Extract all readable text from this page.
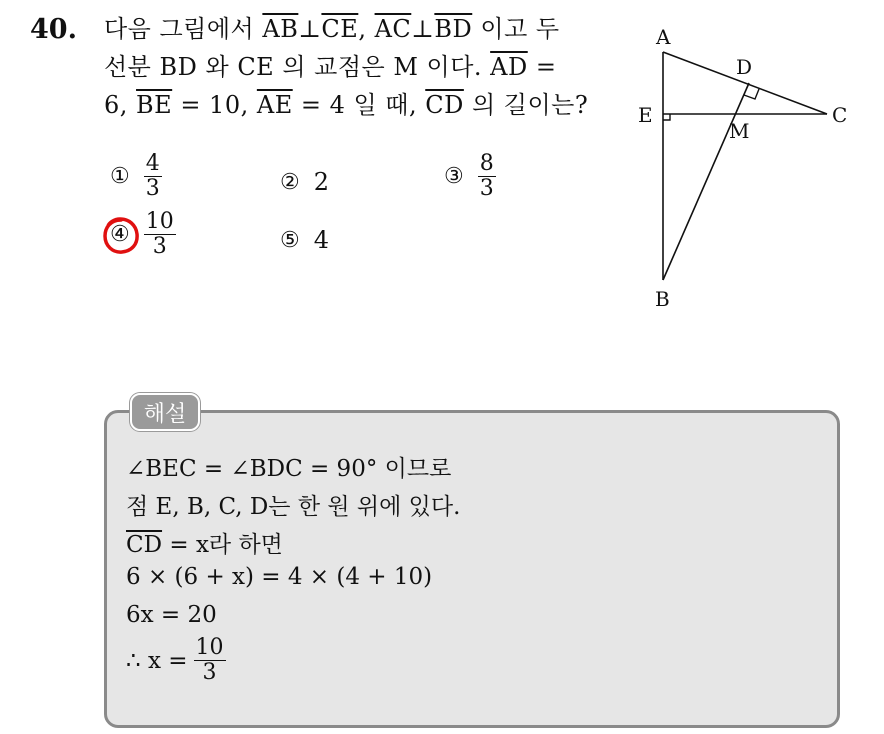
40. 다음 그림에서 $\overline{AB}\perp\overline{CE}$, $\overline{AC}\perp\overline{BD}$ 이고 두
선분 BD 와 CE 의 교점은 M 이다. $\overline{AD}$ =
6, $\overline{BE} = 10$, $\overline{AE} = 4$ 일 때, $\overline{CD}$ 의 길이는?
① $\frac{4}{3}$	② 2	③ $\frac{8}{3}$
④ $\frac{10}{3}$	⑤ 4
A
E
D
C
M
B
해설
∠BEC = ∠BDC = 90° 이므로
점 E, B, C, D는 한 원 위에 있다.
$\overline{CD} = x$라 하면
6 × (6 + x) = 4 × (4 + 10)
6x = 20
∴ $x = \frac{10}{3}$
